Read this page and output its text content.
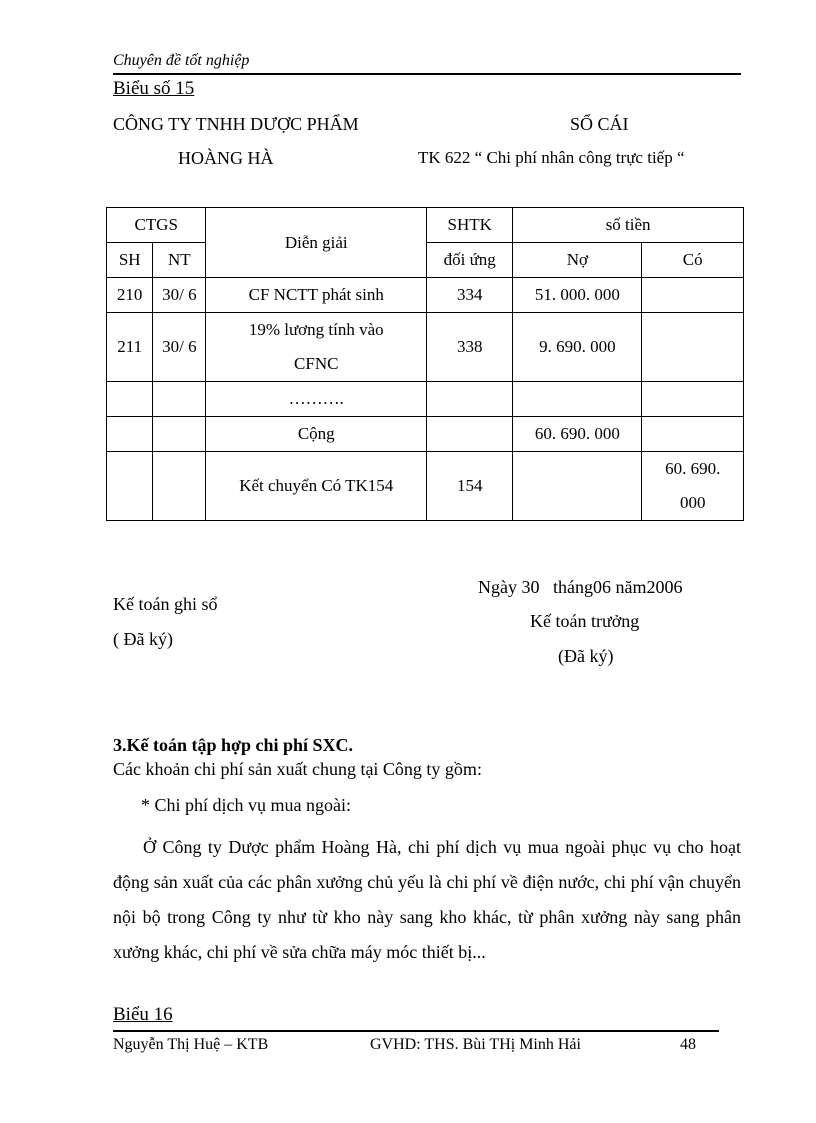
Chuyên đề tốt nghiệp
Biểu số 15
CÔNG TY TNHH DƯỢC PHẨM
HOÀNG HÀ
SỔ CÁI
TK 622 “ Chi phí nhân công trực tiếp “
CTGS		Diễn giải	SHTK	số tiền	
SH	NT		đối ứng	Nợ	Có
210	30/ 6	CF NCTT phát sinh	334	51. 000. 000	
211	30/ 6	19% lương tính vào CFNC	338	9. 690. 000	
		……….			
		Cộng		60. 690. 000	
		Kết chuyển Có TK154	154		60. 690. 000
Kế toán ghi sổ
( Đã ký)
Ngày 30   tháng06 năm2006
Kế toán trưởng
(Đã ký)
3.Kế toán tập hợp chi phí SXC.
Các khoản chi phí sản xuất chung tại Công ty gồm:
* Chi phí dịch vụ mua ngoài:

Ở Công ty Dược phẩm Hoàng Hà, chi phí dịch vụ mua ngoài phục vụ cho hoạt động sản xuất của các phân xưởng chủ yếu là chi phí về điện nước, chi phí vận chuyển nội bộ trong Công ty như từ kho này sang kho khác, từ phân xưởng này sang phân xưởng khác, chi phí về sửa chữa máy móc thiết bị...

Biểu 16
Nguyễn Thị Huệ – KTB	GVHD: THS. Bùi THị Minh Hải	48
